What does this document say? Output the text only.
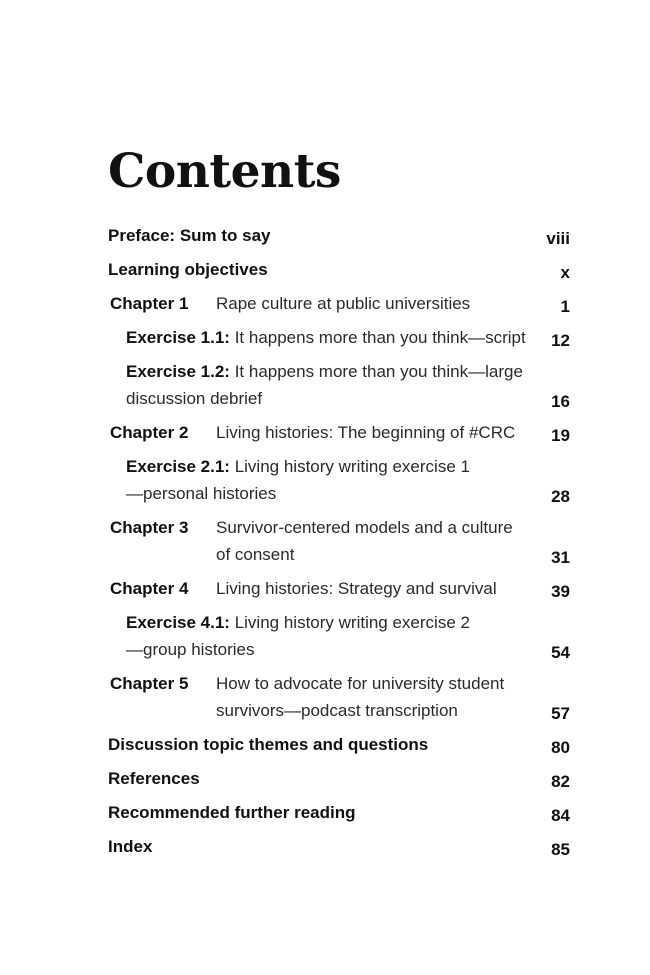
Contents
Preface: Sum to say	viii
Learning objectives	x
Chapter 1 Rape culture at public universities	1
Exercise 1.1: It happens more than you think—script 12
Exercise 1.2: It happens more than you think—large
discussion debrief	16
Chapter 2 Living histories: The beginning of #CRC 19
Exercise 2.1: Living history writing exercise 1
—personal histories	28
Chapter 3 Survivor-centered models and a culture
of consent	31
Chapter 4 Living histories: Strategy and survival	39
Exercise 4.1: Living history writing exercise 2
—group histories	54
Chapter 5 How to advocate for university student
survivors—podcast transcription	57
Discussion topic themes and questions	80
References	82
Recommended further reading	84
Index	85
